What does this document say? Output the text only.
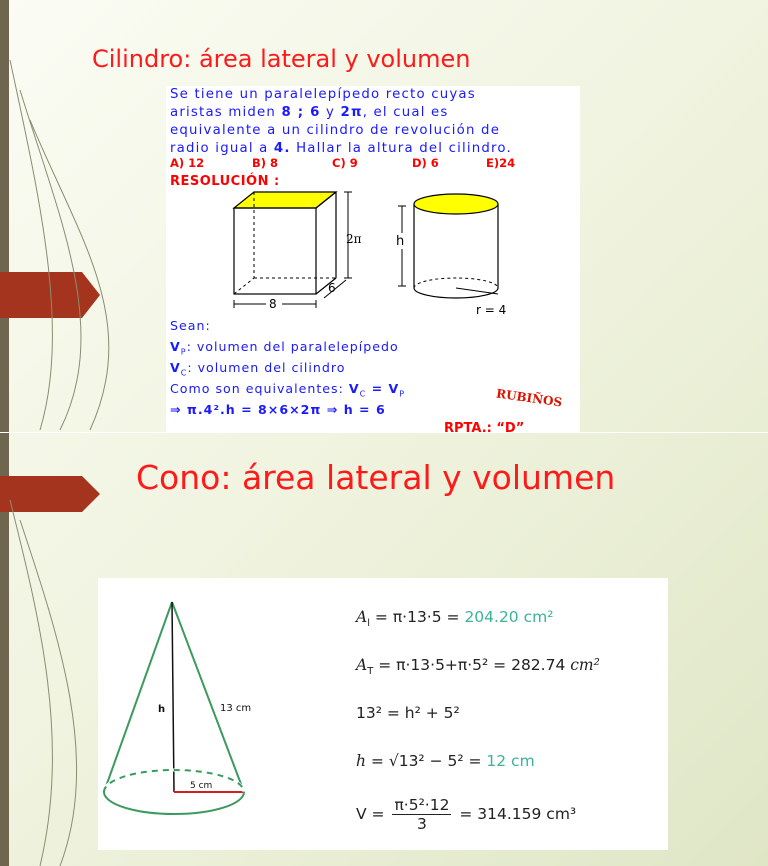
Cilindro: área lateral y volumen
Se tiene un paralelepípedo recto cuyas
aristas miden 8 ; 6 y 2π, el cual es
equivalente a un cilindro de revolución de
radio igual a 4. Hallar la altura del cilindro.
A) 12	B) 8	C) 9	D) 6	E)24
RESOLUCIÓN :
2π
8
6
h
r = 4
Sean:
$V_P$: volumen del paralelepípedo
$V_C$: volumen del cilindro
Como son equivalentes: $V_C = V_P$
⇒ π.4².h = 8×6×2π ⇒ h = 6	RUBIÑOS
RPTA.: “D”
Cono: área lateral y volumen
h	13 cm
5 cm
$A_l = \pi\cdot 13\cdot 5 = 204.20$ cm²
$A_T = \pi\cdot 13\cdot 5+\pi\cdot 5^2 = 282.74$ cm²
13² = h² + 5²
h = √13² − 5² = 12 cm
$V = \frac{\text{π·5²·12}}{3} = 314.159$ cm³
